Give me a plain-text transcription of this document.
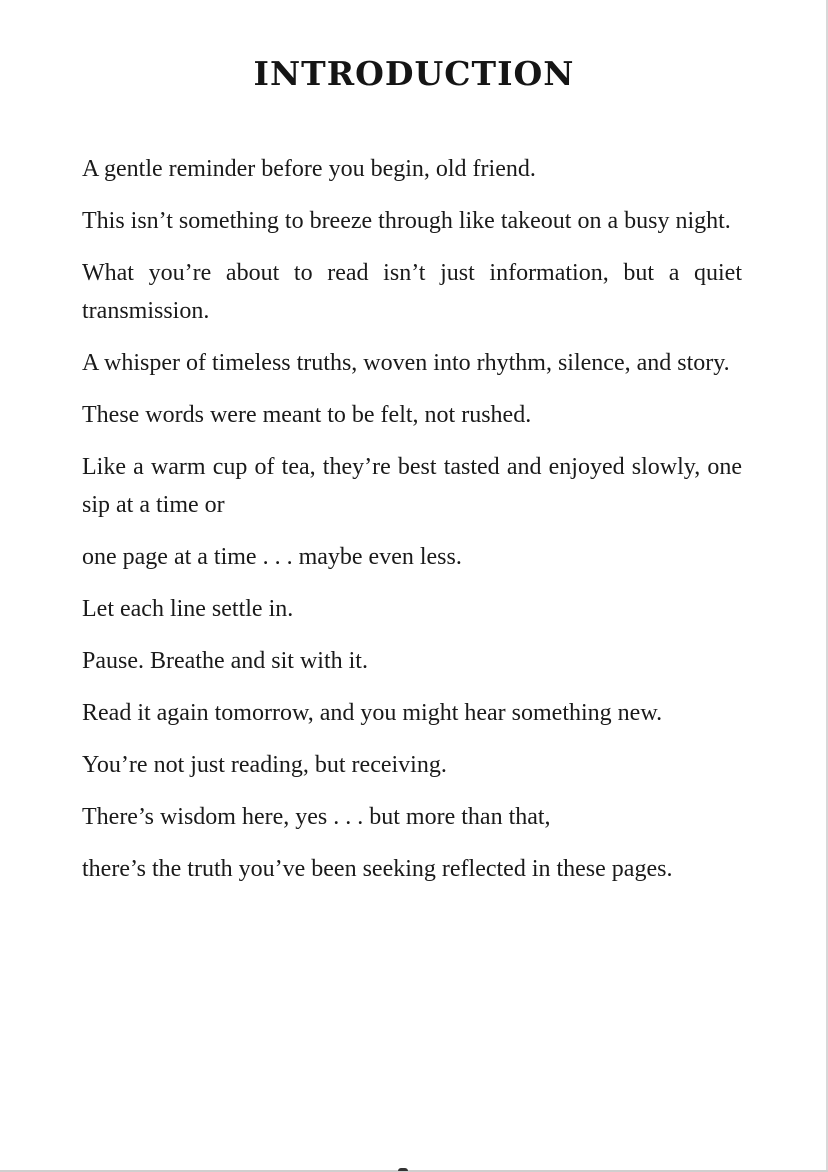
INTRODUCTION

A gentle reminder before you begin, old friend.

This isn’t something to breeze through like takeout on a busy night.

What you’re about to read isn’t just information, but a quiet transmission.

A whisper of timeless truths, woven into rhythm, silence, and story.

These words were meant to be felt, not rushed.

Like a warm cup of tea, they’re best tasted and enjoyed slowly, one sip at a time or

one page at a time . . . maybe even less.

Let each line settle in.

Pause. Breathe and sit with it.

Read it again tomorrow, and you might hear something new.

You’re not just reading, but receiving.

There’s wisdom here, yes . . . but more than that,

there’s the truth you’ve been seeking reflected in these pages.
